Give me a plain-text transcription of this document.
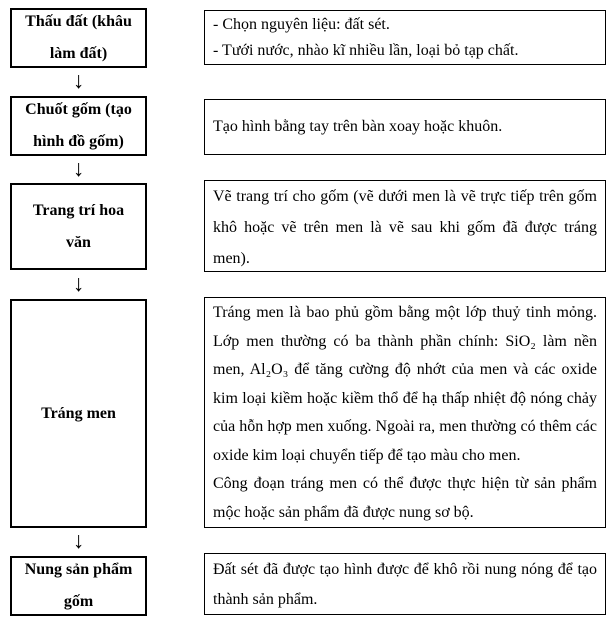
Thấu đất (khâu
làm đất)
- Chọn nguyên liệu: đất sét.
- Tưới nước, nhào kĩ nhiều lần, loại bỏ tạp chất.
↓
Chuốt gốm (tạo
hình đồ gốm)
Tạo hình bằng tay trên bàn xoay hoặc khuôn.
↓
Trang trí hoa
văn
Vẽ trang trí cho gốm (vẽ dưới men là vẽ trực tiếp trên gốm khô hoặc vẽ trên men là vẽ sau khi gốm đã được tráng men).
↓
Tráng men

Tráng men là bao phủ gồm bằng một lớp thuỷ tinh mỏng. Lớp men thường có ba thành phần chính: SiO₂ làm nền men, Al₂O₃ để tăng cường độ nhớt của men và các oxide kim loại kiềm hoặc kiềm thổ để hạ thấp nhiệt độ nóng chảy của hỗn hợp men xuống. Ngoài ra, men thường có thêm các oxide kim loại chuyển tiếp để tạo màu cho men.

Công đoạn tráng men có thể được thực hiện từ sản phẩm mộc hoặc sản phẩm đã được nung sơ bộ.

↓
Nung sản phẩm
gốm
Đất sét đã được tạo hình được để khô rồi nung nóng để tạo thành sản phẩm.
